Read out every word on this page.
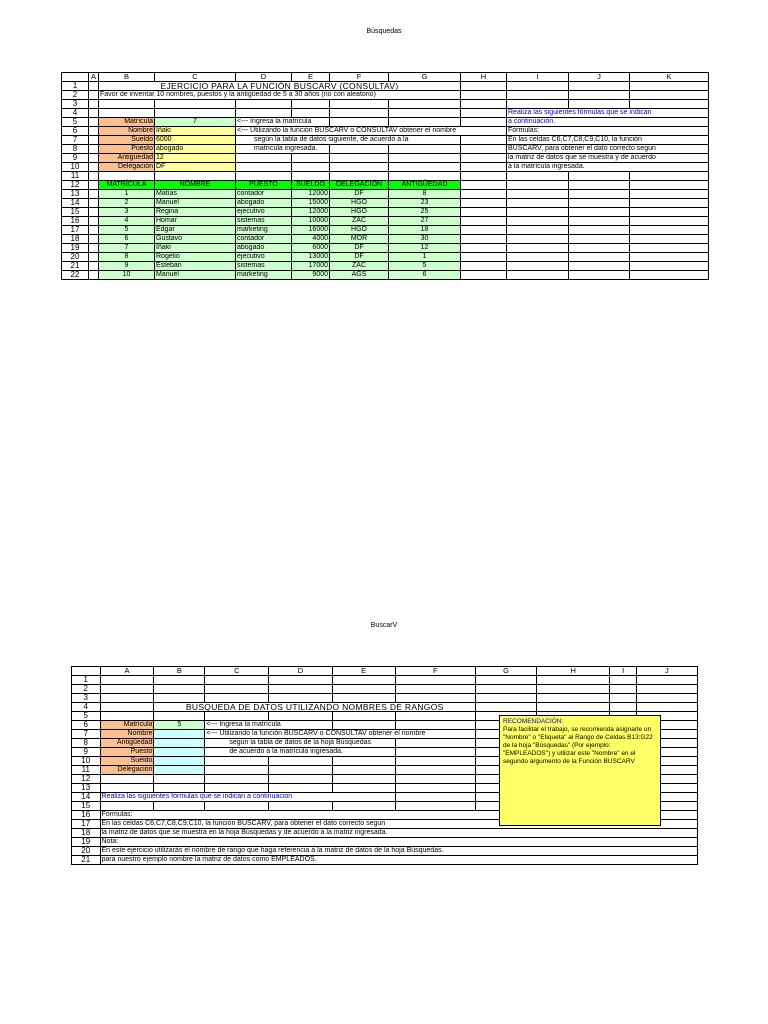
Búsquedas
	A	B	C	D	E	F	G	H	I	J	K
1		EJERCICIO PARA LA FUNCIÓN BUSCARV (CONSULTAV)									
2		Favor de inventar 10 nombres, puestos y la antigüedad de 5 a 30 años (no con aleatorio)									
3											
4									Realiza las siguientes fórmulas que se indican		
5		Matrícula	7	<--- Ingresa la matrícula					a continuación.		
6		Nombre	Iñaki	<--- Utilizando la función BUSCARV o CONSULTAV obtener el nombre					Fórmulas:		
7		Sueldo	6000	según la tabla de datos siguiente, de acuerdo a la					En las celdas C6,C7,C8,C9,C10, la función		
8		Puesto	abogado	matrícula ingresada.					BUSCARV, para obtener el dato correcto según		
9		Antigüedad	12						la matriz de datos que se muestra y de acuerdo		
10		Delegación	DF						a la matrícula ingresada.		
11											
12		MATRÍCULA	NOMBRE	PUESTO	SUELDO	DELEGACIÓN	ANTIGÜEDAD				
13		1	Matías	contador	12000	DF	8				
14		2	Manuel	abogado	15000	HGO	23				
15		3	Regina	ejecutivo	12000	HGO	25				
16		4	Homar	sistemas	10000	ZAC	27				
17		5	Edgar	marketing	16000	HGO	18				
18		6	Gustavo	contador	4000	MOR	30				
19		7	Iñaki	abogado	6000	DF	12				
20		8	Rogelio	ejecutivo	13000	DF	1				
21		9	Esteban	sistemas	17000	ZAC	5				
22		10	Manuel	marketing	9000	AGS	6				
BuscarV
	A	B	C	D	E	F	G	H	I	J
1										
2										
3										
4		BUSQUEDA DE DATOS UTILIZANDO NOMBRES DE RANGOS								
5										
6	Matrícula	5	<--- Ingresa la matrícula							
7	Nombre		<--- Utilizando la función BUSCARV o CONSULTAV obtener el nombre							
8	Antigüedad		según la tabla de datos de la hoja Búsquedas							
9	Puesto		de acuerdo a la matrícula ingresada.							
10	Sueldo									
11	Delegación									
12										
13										
14	Realiza las siguientes fórmulas que se indican a continuación									
15										
16	Fórmulas:									
17	En las celdas C6,C7,C8,C9,C10, la función BUSCARV, para obtener el dato correcto según									
18	la matriz de datos que se muestra en la hoja Búsquedas y de acuerdo a la matriz ingresada.									
19	Nota:									
20	En este ejercicio utilizarás el nombre de rango que haga referencia a la matriz de datos de la hoja Búsquedas.									
21	para nuestro ejemplo nombre la matriz de datos como EMPLEADOS.									
RECOMENDACIÓN:
Para facilitar el trabajo, se recomienda asignarle un "Nombre" o "Etiqueta" al Rango de Celdas B13:G22 de la hoja "Búsquedas" (Por ejemplo: "EMPLEADOS") y utilizar este "Nombre" en el segundo argumento de la Función BUSCARV
